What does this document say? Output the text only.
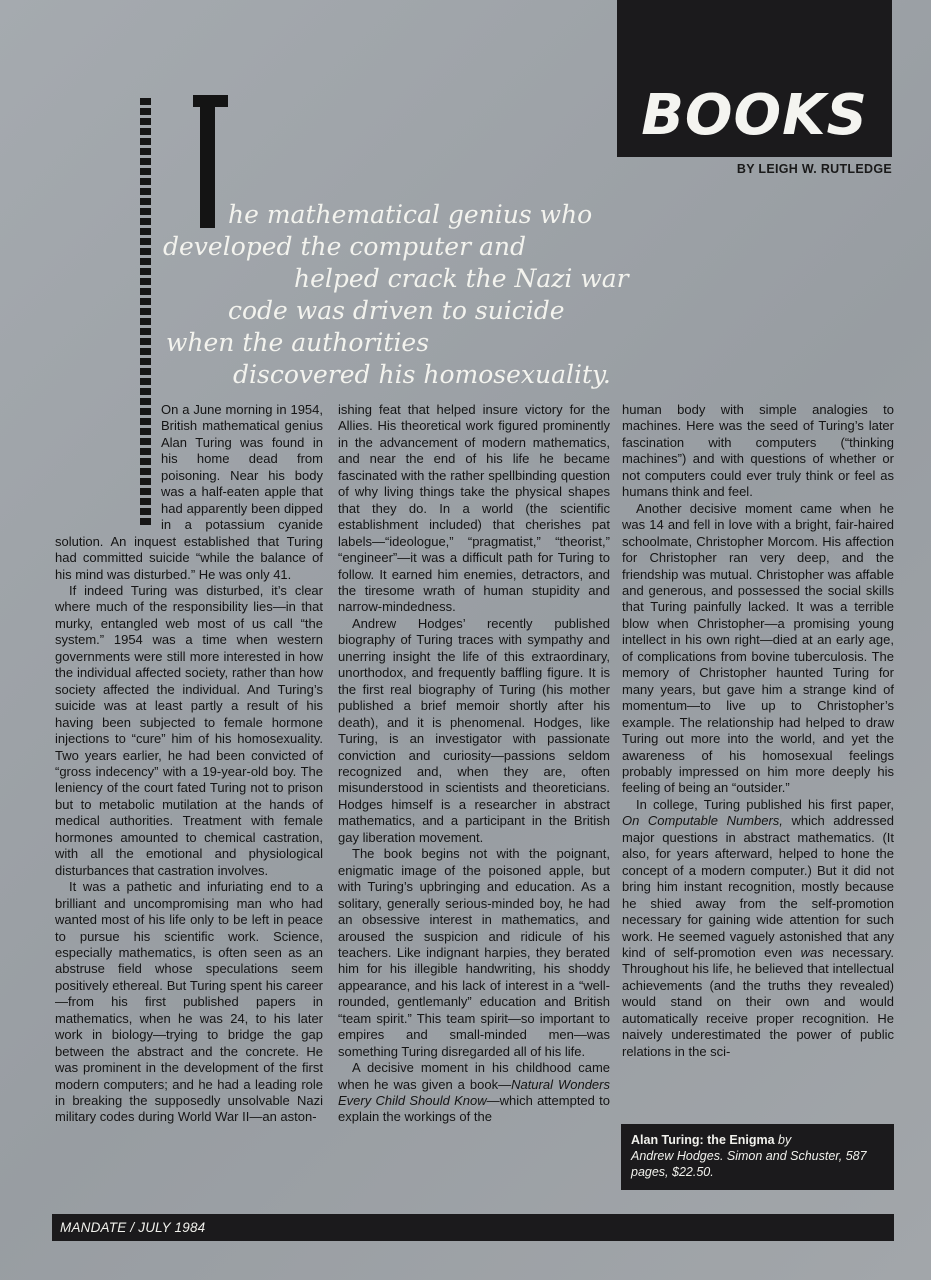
BOOKS
BY LEIGH W. RUTLEDGE
he mathematical genius who
developed the computer and
helped crack the Nazi war
code was driven to suicide
when the authorities
discovered his homosexuality.

On a June morning in 1954, British mathematical genius Alan Turing was found in his home dead from poisoning. Near his body was a half-eaten apple that had apparently been dipped in a potassium cyanide solution. An inquest established that Turing had committed suicide “while the balance of his mind was disturbed.” He was only 41.

If indeed Turing was disturbed, it’s clear where much of the responsibility lies—in that murky, entangled web most of us call “the system.” 1954 was a time when western governments were still more interested in how the individual affected society, rather than how society affected the individual. And Turing’s suicide was at least partly a result of his having been subjected to female hormone injections to “cure” him of his homosexuality. Two years earlier, he had been convicted of “gross indecency” with a 19-year-old boy. The leniency of the court fated Turing not to prison but to metabolic mutilation at the hands of medical authorities. Treatment with female hormones amounted to chemical castration, with all the emotional and physiological disturbances that castration involves.

It was a pathetic and infuriating end to a brilliant and uncompromising man who had wanted most of his life only to be left in peace to pursue his scientific work. Science, especially mathematics, is often seen as an abstruse field whose speculations seem positively ethereal. But Turing spent his career—from his first published papers in mathematics, when he was 24, to his later work in biology—trying to bridge the gap between the abstract and the concrete. He was prominent in the development of the first modern computers; and he had a leading role in breaking the supposedly unsolvable Nazi military codes during World War II—an aston-

ishing feat that helped insure victory for the Allies. His theoretical work figured prominently in the advancement of modern mathematics, and near the end of his life he became fascinated with the rather spellbinding question of why living things take the physical shapes that they do. In a world (the scientific establishment included) that cherishes pat labels—“ideologue,” “pragmatist,” “theorist,” “engineer”—it was a difficult path for Turing to follow. It earned him enemies, detractors, and the tiresome wrath of human stupidity and narrow-mindedness.

Andrew Hodges’ recently published biography of Turing traces with sympathy and unerring insight the life of this extraordinary, unorthodox, and frequently baffling figure. It is the first real biography of Turing (his mother published a brief memoir shortly after his death), and it is phenomenal. Hodges, like Turing, is an investigator with passionate conviction and curiosity—passions seldom recognized and, when they are, often misunderstood in scientists and theoreticians. Hodges himself is a researcher in abstract mathematics, and a participant in the British gay liberation movement.

The book begins not with the poignant, enigmatic image of the poisoned apple, but with Turing’s upbringing and education. As a solitary, generally serious-minded boy, he had an obsessive interest in mathematics, and aroused the suspicion and ridicule of his teachers. Like indignant harpies, they berated him for his illegible handwriting, his shoddy appearance, and his lack of interest in a “well-rounded, gentlemanly” education and British “team spirit.” This team spirit—so important to empires and small-minded men—was something Turing disregarded all of his life.

A decisive moment in his childhood came when he was given a book—Natural Wonders Every Child Should Know—which attempted to explain the workings of the

human body with simple analogies to machines. Here was the seed of Turing’s later fascination with computers (“thinking machines”) and with questions of whether or not computers could ever truly think or feel as humans think and feel.

Another decisive moment came when he was 14 and fell in love with a bright, fair-haired schoolmate, Christopher Morcom. His affection for Christopher ran very deep, and the friendship was mutual. Christopher was affable and generous, and possessed the social skills that Turing painfully lacked. It was a terrible blow when Christopher—a promising young intellect in his own right—died at an early age, of complications from bovine tuberculosis. The memory of Christopher haunted Turing for many years, but gave him a strange kind of momentum—to live up to Christopher’s example. The relationship had helped to draw Turing out more into the world, and yet the awareness of his homosexual feelings probably impressed on him more deeply his feeling of being an “outsider.”

In college, Turing published his first paper, On Computable Numbers, which addressed major questions in abstract mathematics. (It also, for years afterward, helped to hone the concept of a modern computer.) But it did not bring him instant recognition, mostly because he shied away from the self-promotion necessary for gaining wide attention for such work. He seemed vaguely astonished that any kind of self-promotion even was necessary. Throughout his life, he believed that intellectual achievements (and the truths they revealed) would stand on their own and would automatically receive proper recognition. He naively underestimated the power of public relations in the sci-

Alan Turing: the Enigma by
Andrew Hodges. Simon and Schuster, 587 pages, $22.50.
MANDATE / JULY 1984
